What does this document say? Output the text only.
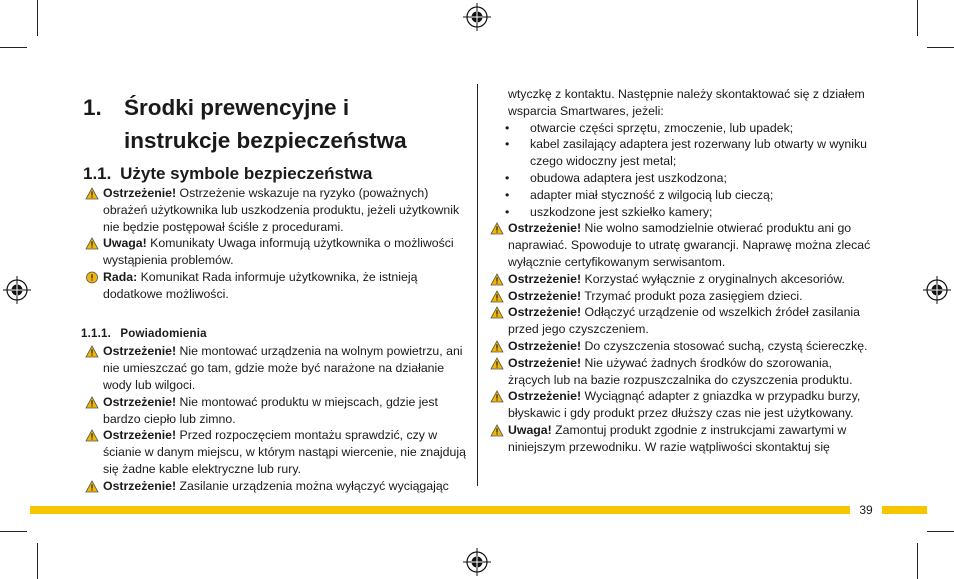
1. Środki prewencyjne i
instrukcje bezpieczeństwa
1.1. Użyte symbole bezpieczeństwa

Ostrzeżenie! Ostrzeżenie wskazuje na ryzyko (poważnych) obrażeń użytkownika lub uszkodzenia produktu, jeżeli użytkownik nie będzie postępował ściśle z procedurami.

Uwaga! Komunikaty Uwaga informują użytkownika o możliwości wystąpienia problemów.

Rada: Komunikat Rada informuje użytkownika, że istnieją dodatkowe możliwości.

1.1.1. Powiadomienia

Ostrzeżenie! Nie montować urządzenia na wolnym powietrzu, ani nie umieszczać go tam, gdzie może być narażone na działanie wody lub wilgoci.

Ostrzeżenie! Nie montować produktu w miejscach, gdzie jest bardzo ciepło lub zimno.

Ostrzeżenie! Przed rozpoczęciem montażu sprawdzić, czy w ścianie w danym miejscu, w którym nastąpi wiercenie, nie znajdują się żadne kable elektryczne lub rury.

Ostrzeżenie! Zasilanie urządzenia można wyłączyć wyciągając

wtyczkę z kontaktu. Następnie należy skontaktować się z działem wsparcia Smartwares, jeżeli:

•	otwarcie części sprzętu, zmoczenie, lub upadek;
•	kabel zasilający adaptera jest rozerwany lub otwarty w wyniku czego widoczny jest metal;
•	obudowa adaptera jest uszkodzona;
•	adapter miał styczność z wilgocią lub cieczą;
•	uszkodzone jest szkiełko kamery;

Ostrzeżenie! Nie wolno samodzielnie otwierać produktu ani go naprawiać. Spowoduje to utratę gwarancji. Naprawę można zlecać wyłącznie certyfikowanym serwisantom.

Ostrzeżenie! Korzystać wyłącznie z oryginalnych akcesoriów.

Ostrzeżenie! Trzymać produkt poza zasięgiem dzieci.

Ostrzeżenie! Odłączyć urządzenie od wszelkich źródeł zasilania przed jego czyszczeniem.

Ostrzeżenie! Do czyszczenia stosować suchą, czystą ściereczkę.

Ostrzeżenie! Nie używać żadnych środków do szorowania, żrących lub na bazie rozpuszczalnika do czyszczenia produktu.

Ostrzeżenie! Wyciągnąć adapter z gniazdka w przypadku burzy, błyskawic i gdy produkt przez dłuższy czas nie jest użytkowany.

Uwaga! Zamontuj produkt zgodnie z instrukcjami zawartymi w niniejszym przewodniku. W razie wątpliwości skontaktuj się

39
